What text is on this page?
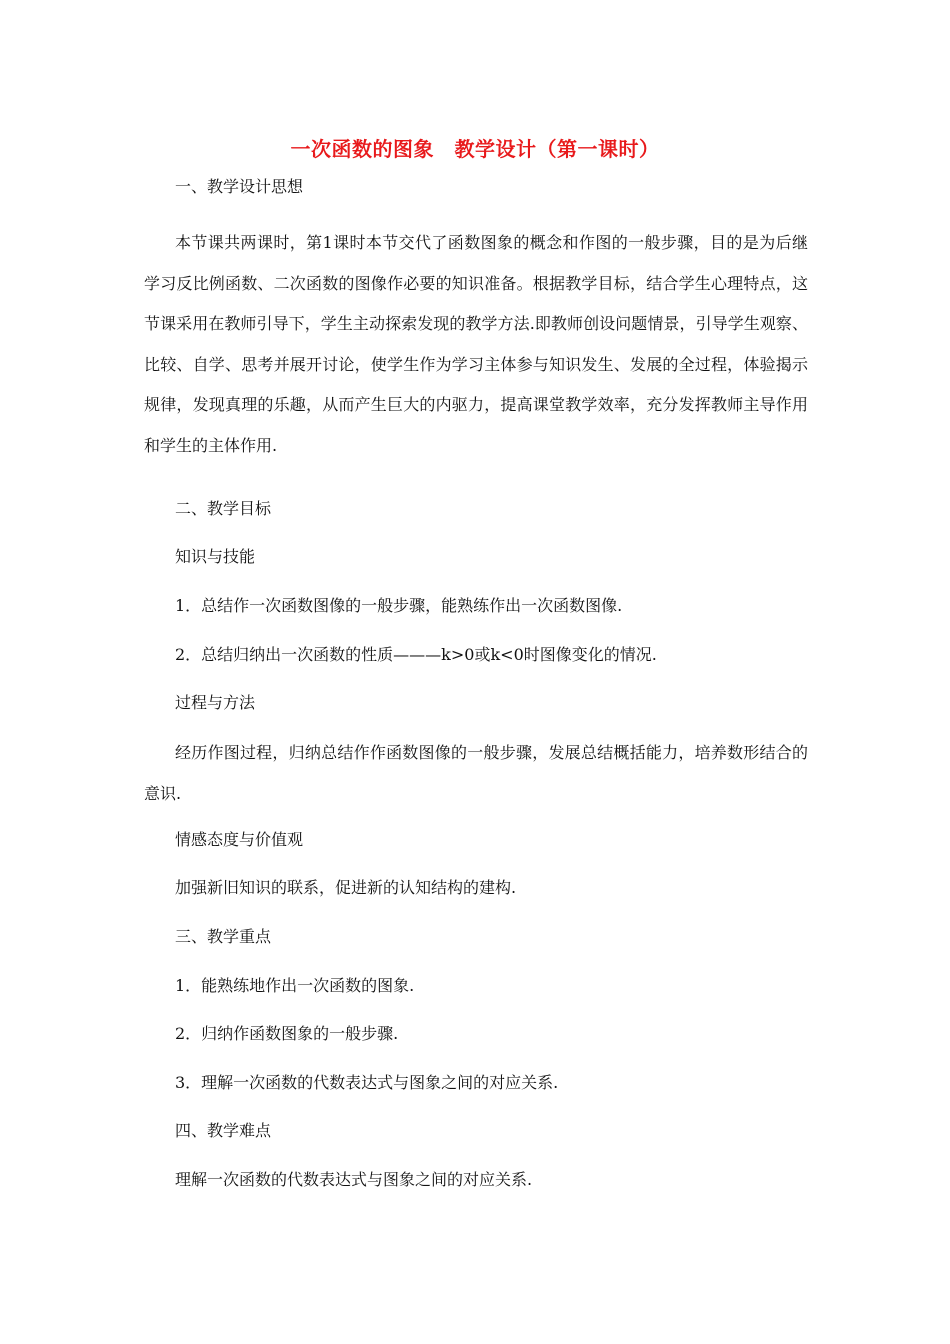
一次函数的图象　教学设计（第一课时）
一、教学设计思想

本节课共两课时，第1课时本节交代了函数图象的概念和作图的一般步骤，目的是为后继学习反比例函数、二次函数的图像作必要的知识准备。根据教学目标，结合学生心理特点，这节课采用在教师引导下，学生主动探索发现的教学方法.即教师创设问题情景，引导学生观察、比较、自学、思考并展开讨论，使学生作为学习主体参与知识发生、发展的全过程，体验揭示规律，发现真理的乐趣，从而产生巨大的内驱力，提高课堂教学效率，充分发挥教师主导作用和学生的主体作用.

二、教学目标
知识与技能
1．总结作一次函数图像的一般步骤，能熟练作出一次函数图像.
2．总结归纳出一次函数的性质———k>0或k<0时图像变化的情况.
过程与方法

经历作图过程，归纳总结作作函数图像的一般步骤，发展总结概括能力，培养数形结合的意识.

情感态度与价值观
加强新旧知识的联系，促进新的认知结构的建构.
三、教学重点
1．能熟练地作出一次函数的图象.
2．归纳作函数图象的一般步骤.
3．理解一次函数的代数表达式与图象之间的对应关系.
四、教学难点
理解一次函数的代数表达式与图象之间的对应关系.
